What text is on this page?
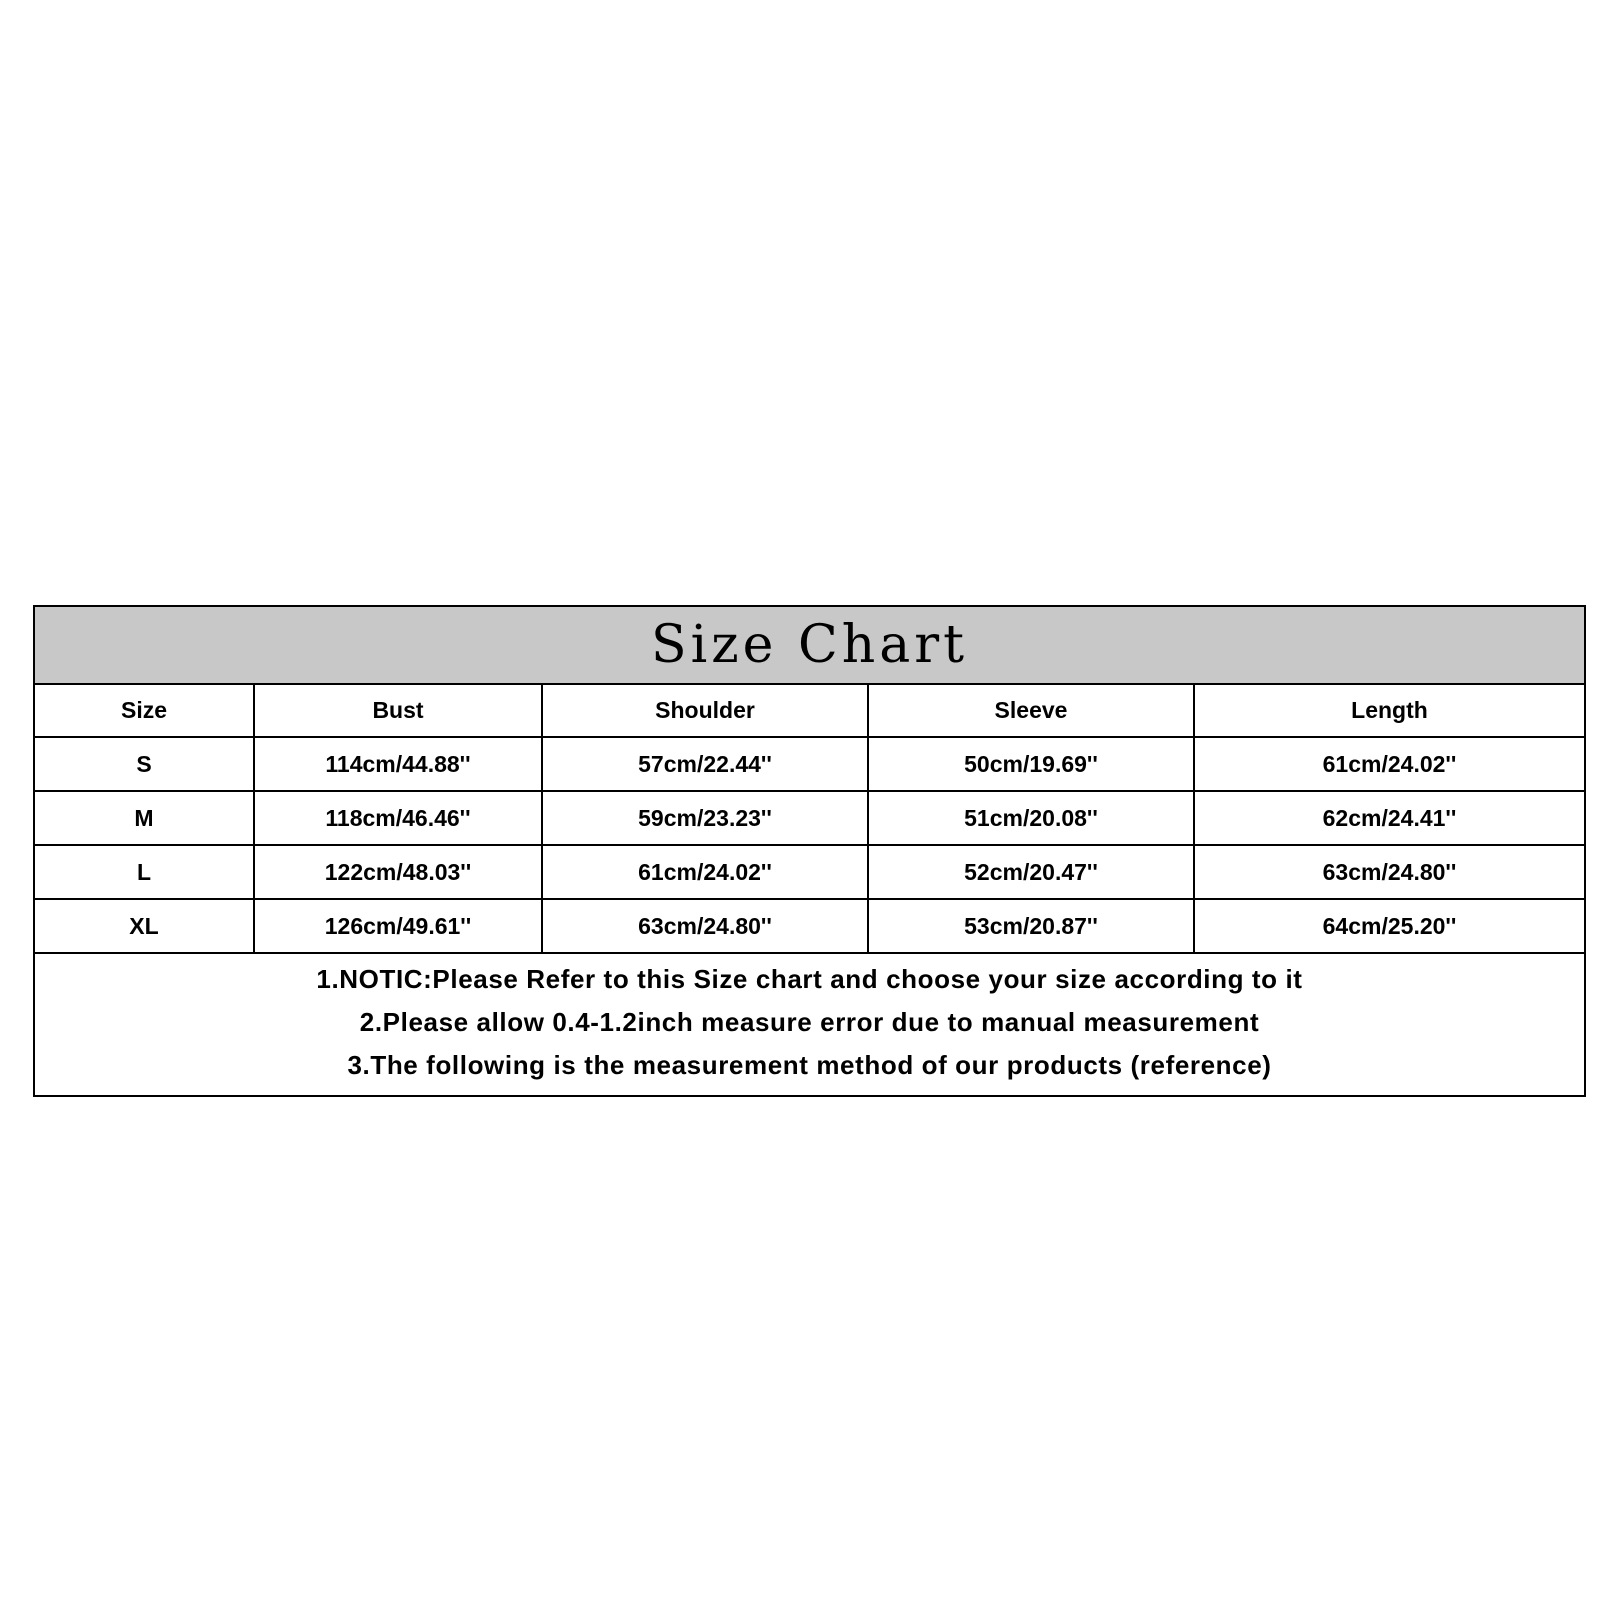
Size Chart
Size	Bust	Shoulder	Sleeve	Length
S	114cm/44.88''	57cm/22.44''	50cm/19.69''	61cm/24.02''
M	118cm/46.46''	59cm/23.23''	51cm/20.08''	62cm/24.41''
L	122cm/48.03''	61cm/24.02''	52cm/20.47''	63cm/24.80''
XL	126cm/49.61''	63cm/24.80''	53cm/20.87''	64cm/25.20''
1.NOTIC:Please Refer to this Size chart and choose your size according to it
2.Please allow 0.4-1.2inch measure error due to manual measurement
3.The following is the measurement method of our products (reference)
